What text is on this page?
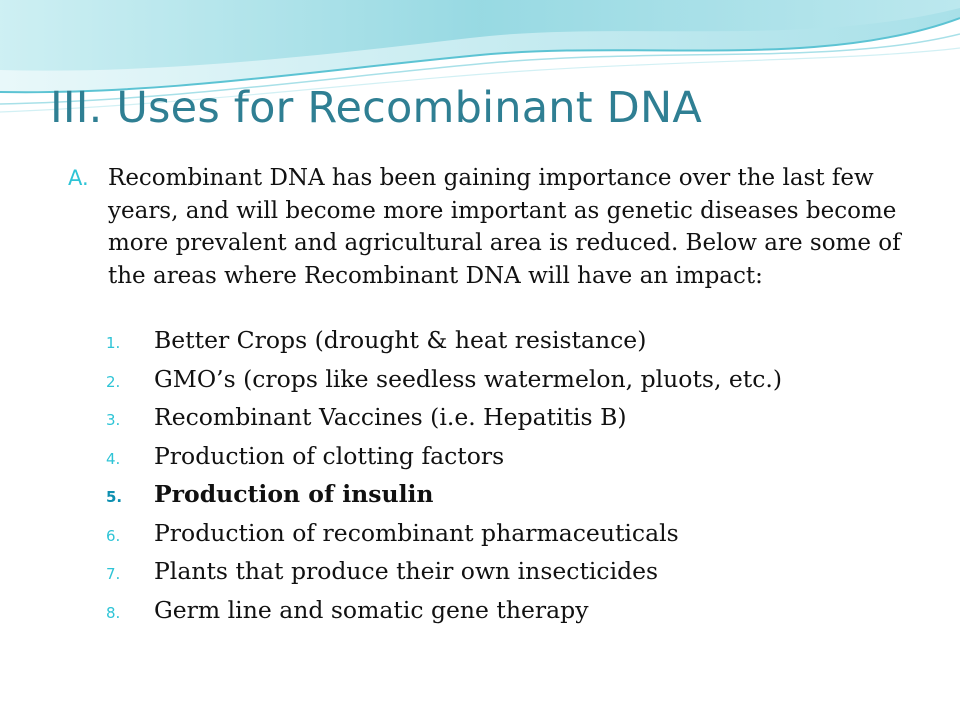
III. Uses for Recombinant DNA
A. Recombinant DNA has been gaining importance over the last few years, and will become more important as genetic diseases become more prevalent and agricultural area is reduced. Below are some of the areas where Recombinant DNA will have an impact:
1.	Better Crops (drought & heat resistance)
2.	GMO’s (crops like seedless watermelon, pluots, etc.)
3.	Recombinant Vaccines (i.e. Hepatitis B)
4.	Production of clotting factors
5.	Production of insulin
6.	Production of recombinant pharmaceuticals
7.	Plants that produce their own insecticides
8.	Germ line and somatic gene therapy
